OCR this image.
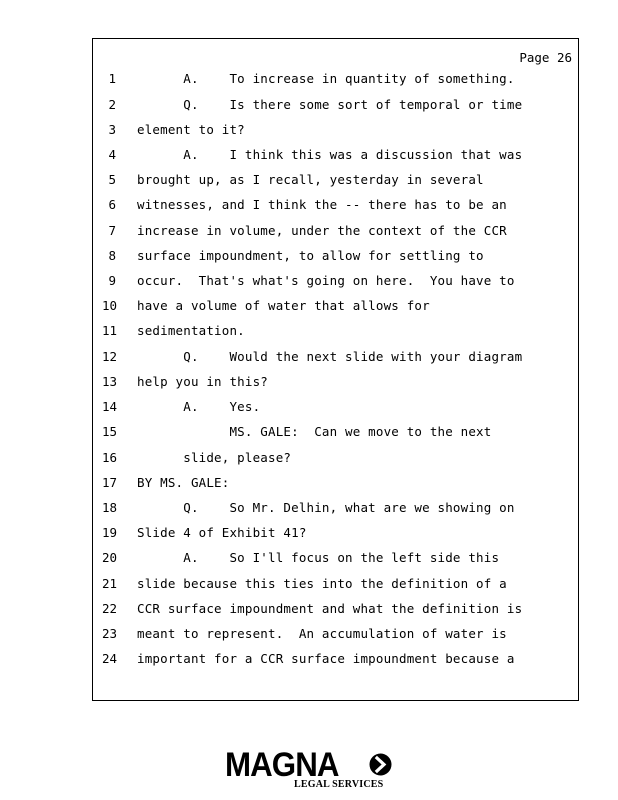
Page 26
1 A.    To increase in quantity of something.
2 Q.    Is there some sort of temporal or time
3 element to it?
4 A.    I think this was a discussion that was
5 brought up, as I recall, yesterday in several
6 witnesses, and I think the -- there has to be an
7 increase in volume, under the context of the CCR
8 surface impoundment, to allow for settling to
9 occur.  That's what's going on here.  You have to
10 have a volume of water that allows for
11 sedimentation.
12 Q.    Would the next slide with your diagram
13 help you in this?
14 A.    Yes.
15 MS. GALE:  Can we move to the next
16 slide, please?
17 BY MS. GALE:
18 Q.    So Mr. Delhin, what are we showing on
19 Slide 4 of Exhibit 41?
20 A.    So I'll focus on the left side this
21 slide because this ties into the definition of a
22 CCR surface impoundment and what the definition is
23 meant to represent.  An accumulation of water is
24 important for a CCR surface impoundment because a
MAGNA
LEGAL SERVICES
